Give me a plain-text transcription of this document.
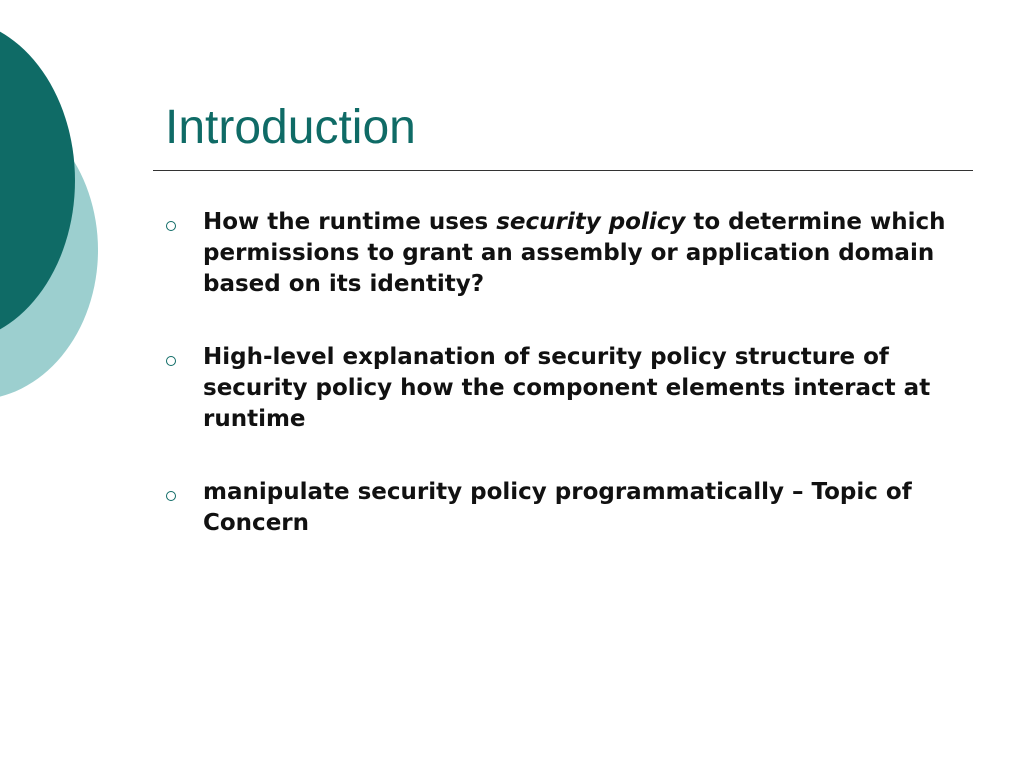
Introduction
How the runtime uses security policy to determine which permissions to grant an assembly or application domain based on its identity?
High-level explanation of security policy structure of security policy how the component elements interact at runtime
manipulate security policy programmatically – Topic of Concern
